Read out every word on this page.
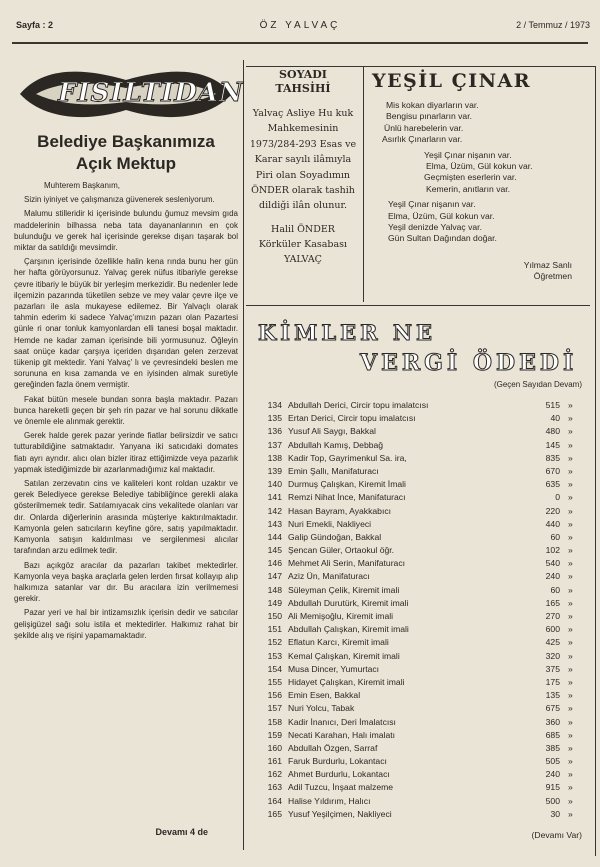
Sayfa : 2	ÖZ YALVAÇ	2 / Temmuz / 1973
FISILTIDAN
Belediye Başkanımıza
Açık Mektup

Muhterem Başkanım,

Sizin iyiniyet ve çalışmanıza güvenerek sesleniyorum.

Malumu stilleridir ki içerisinde bulundu ğumuz mevsim gıda maddelerinin bilhassa neba tata dayananlarının en çok bulunduğu ve gerek hal içerisinde gerekse dışarı taşarak bol miktar da satıldığı mevsimdir.

Çarşının içerisinde özellikle halin kena rında bunu her gün her hafta görüyorsunuz. Yalvaç gerek nüfus itibariyle gerekse çevre itibariy le büyük bir yerleşim merkezidir. Bu nedenler lede ilçemizin pazarında tüketilen sebze ve mey valar çevre ilçe ve pazarları ile asla mukayese edilemez. Bir Yalvaçlı olarak tahmin ederim ki sadece Yalvaç'ımızın pazarı olan Pazartesi günle ri onar tonluk kamyonlardan elli tanesi boşal maktadır. Hemde ne kadar zaman içerisinde bili yormusunuz. Öğleyin saat onüçe kadar çarşıya içeriden dışarıdan gelen zerzevat tükenip git mektedir. Yani Yalvaç' lı ve çevresindeki beslen me sorununa en kısa zamanda ve en iyisinden almak suretiyle gereğinden fazla önem vermiştir.

Fakat bütün mesele bundan sonra başla maktadır. Pazarı bunca hareketli geçen bir şeh rin pazar ve hal sorunu dikkatle ve önemle ele alınmak gerektir.

Gerek halde gerek pazar yerinde fiatlar belirsizdir ve satıcı tutturabildiğine satmaktadır. Yanyana iki satıcıdaki domates fiatı ayrı ayrıdır. alıcı olan bizler itiraz ettiğimizde veya pazarlık yapmak istediğimizde bir azarlanmadığımız kal maktadır.

Satılan zerzevatın cins ve kaliteleri kont roldan uzaktır ve gerek Belediyece gerekse Belediye tabibliğince gerekli alaka gösterilmemek tedir. Satılamıyacak cins vekalitede olanları var dır. Onlarda diğerlerinin arasında müşteriye kaktırılmaktadır. Kamyonla gelen satıcıların keyfine göre, satış yapılmaktadır. Kamyonla satışın kaldırılması ve sergilenmesi alıcılar tarafından arzu edilmek tedir.

Bazı açıkgöz aracılar da pazarları takibet mektedirler. Kamyonla veya başka araçlarla gelen lerden fırsat kollayıp alıp halkımıza satanlar var dır. Bu aracılara izin verilmemesi gerekir.

Pazar yeri ve hal bir intizamsızlık içerisin dedir ve satıcılar gelişigüzel sağı solu istila et mektedirler. Halkımız rahat bir şekilde alış ve rişini yapamamaktadır.

Devamı 4 de
SOYADI
TAHSİHİ
Yalvaç Asliye Hu kuk Mahkemesinin 1973/284-293 Esas ve Karar sayılı ilâmıyla Piri olan Soyadımın ÖNDER olarak tashih dildiği ilân olunur.
Halil ÖNDER
Körküler Kasabası
YALVAÇ
YEŞİL ÇINAR
Mis kokan diyarların var.
Bengisu pınarların var.
Ünlü harebelerin var.
Asırlık Çınarların var.
Yeşil Çınar nişanın var.
Elma, Üzüm, Gül kokun var.
Geçmişten eserlerin var.
Kemerin, anıtların var.
Yeşil Çınar nişanın var.
Elma, Üzüm, Gül kokun var.
Yeşil denizde Yalvaç var.
Gün Sultan Dağından doğar.
Yılmaz Sanlı
Öğretmen
KİMLER NE
VERGİ ÖDEDİ
(Geçen Sayıdan Devam)
134 Abdullah Derici, Circir topu imalatcısı	515 »
135 Ertan Derici, Circir topu imalatcısı	40 »
136 Yusuf Ali Saygı, Bakkal	480 »
137 Abdullah Kamış, Debbağ	145 »
138 Kadir Top, Gayrimenkul Sa. ira,	835 »
139 Emin Şallı, Manifaturacı	670 »
140 Durmuş Çalışkan, Kiremit İmali	635 »
141 Remzi Nihat İnce, Manifaturacı	0 »
142 Hasan Bayram, Ayakkabıcı	220 »
143 Nuri Emekli, Nakliyeci	440 »
144 Galip Gündoğan, Bakkal	60 »
145 Şencan Güler, Ortaokul öğr.	102 »
146 Mehmet Ali Serin, Manifaturacı	540 »
147 Aziz Ün, Manifaturacı	240 »
148 Süleyman Çelik, Kiremit imali	60 »
149 Abdullah Durutürk, Kiremit imali	165 »
150 Ali Memişoğlu, Kiremit imali	270 »
151 Abdullah Çalışkan, Kiremit imali	600 »
152 Eflatun Karcı, Kiremit imali	425 »
153 Kemal Çalışkan, Kiremit imali	320 »
154 Musa Dincer, Yumurtacı	375 »
155 Hidayet Çalışkan, Kiremit imali	175 »
156 Emin Esen, Bakkal	135 »
157 Nuri Yolcu, Tabak	675 »
158 Kadir İnanıcı, Deri İmalatcısı	360 »
159 Necati Karahan, Halı imalatı	685 »
160 Abdullah Özgen, Sarraf	385 »
161 Faruk Burdurlu, Lokantacı	505 »
162 Ahmet Burdurlu, Lokantacı	240 »
163 Adil Tuzcu, İnşaat malzeme	915 »
164 Halise Yıldırım, Halıcı	500 »
165 Yusuf Yeşilçimen, Nakliyeci	30 »
(Devamı Var)
